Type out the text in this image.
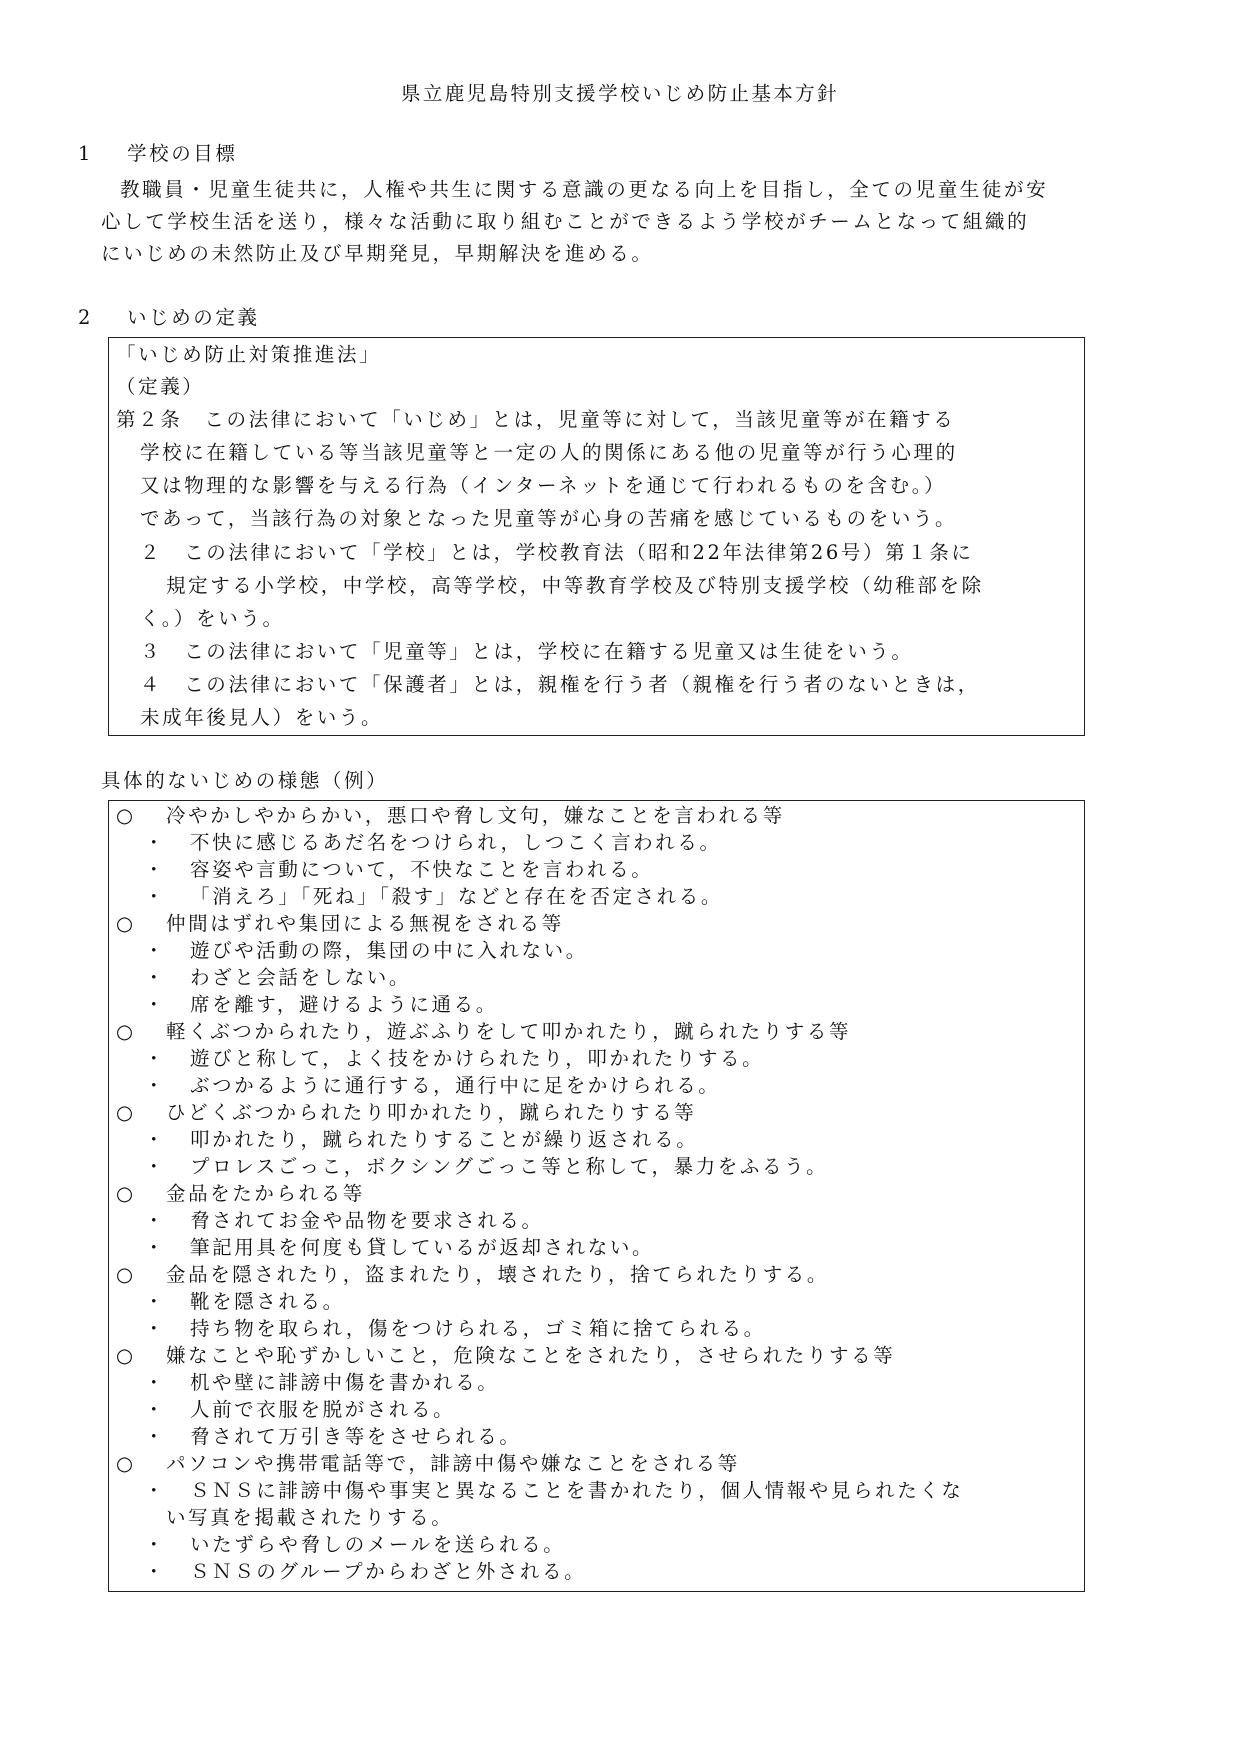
県立鹿児島特別支援学校いじめ防止基本方針
1 学校の目標
教職員・児童生徒共に，人権や共生に関する意識の更なる向上を目指し，全ての児童生徒が安
心して学校生活を送り，様々な活動に取り組むことができるよう学校がチームとなって組織的
にいじめの未然防止及び早期発見，早期解決を進める。
2 いじめの定義
「いじめ防止対策推進法」
（定義）
第２条　この法律において「いじめ」とは，児童等に対して，当該児童等が在籍する
学校に在籍している等当該児童等と一定の人的関係にある他の児童等が行う心理的
又は物理的な影響を与える行為（インターネットを通じて行われるものを含む。）
であって，当該行為の対象となった児童等が心身の苦痛を感じているものをいう。
２　この法律において「学校」とは，学校教育法（昭和22年法律第26号）第１条に
規定する小学校，中学校，高等学校，中等教育学校及び特別支援学校（幼稚部を除
く。）をいう。
３　この法律において「児童等」とは，学校に在籍する児童又は生徒をいう。
４　この法律において「保護者」とは，親権を行う者（親権を行う者のないときは，
未成年後見人）をいう。
具体的ないじめの様態（例）
○ 冷やかしやからかい，悪口や脅し文句，嫌なことを言われる等
・ 不快に感じるあだ名をつけられ，しつこく言われる。
・ 容姿や言動について，不快なことを言われる。
・ 「消えろ」「死ね」「殺す」などと存在を否定される。
○ 仲間はずれや集団による無視をされる等
・ 遊びや活動の際，集団の中に入れない。
・ わざと会話をしない。
・ 席を離す，避けるように通る。
○ 軽くぶつかられたり，遊ぶふりをして叩かれたり，蹴られたりする等
・ 遊びと称して，よく技をかけられたり，叩かれたりする。
・ ぶつかるように通行する，通行中に足をかけられる。
○ ひどくぶつかられたり叩かれたり，蹴られたりする等
・ 叩かれたり，蹴られたりすることが繰り返される。
・ プロレスごっこ，ボクシングごっこ等と称して，暴力をふるう。
○ 金品をたかられる等
・ 脅されてお金や品物を要求される。
・ 筆記用具を何度も貸しているが返却されない。
○ 金品を隠されたり，盗まれたり，壊されたり，捨てられたりする。
・ 靴を隠される。
・ 持ち物を取られ，傷をつけられる，ゴミ箱に捨てられる。
○ 嫌なことや恥ずかしいこと，危険なことをされたり，させられたりする等
・ 机や壁に誹謗中傷を書かれる。
・ 人前で衣服を脱がされる。
・ 脅されて万引き等をさせられる。
○ パソコンや携帯電話等で，誹謗中傷や嫌なことをされる等
・ ＳＮＳに誹謗中傷や事実と異なることを書かれたり，個人情報や見られたくな
い写真を掲載されたりする。
・ いたずらや脅しのメールを送られる。
・ ＳＮＳのグループからわざと外される。
